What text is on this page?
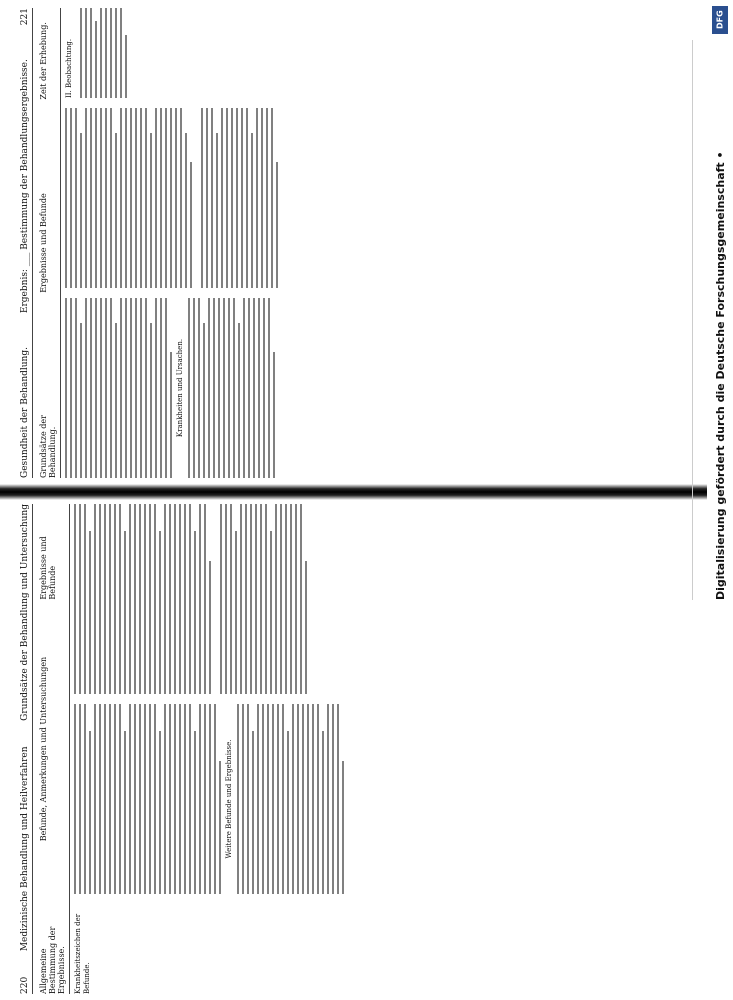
Gesundheit der Behandlung.
Ergebnis: ___ Bestimmung der Behandlungsergebnisse.
221
Grundsätze der Behandlung.
Ergebnisse und Befunde
Zeit der Erhebung.
Krankheiten und Ursachen.
II. Beobachtung.
220
Medizinische Behandlung und Heilverfahren
Grundsätze der Behandlung und Untersuchung
Allgemeine Bestimmung der Ergebnisse.
Befunde, Anmerkungen und Untersuchungen
Ergebnisse und Befunde
Krankheitszeichen der Befunde.
Weitere Befunde und Ergebnisse.
DFG
Digitalisierung gefördert durch die Deutsche Forschungsgemeinschaft •
